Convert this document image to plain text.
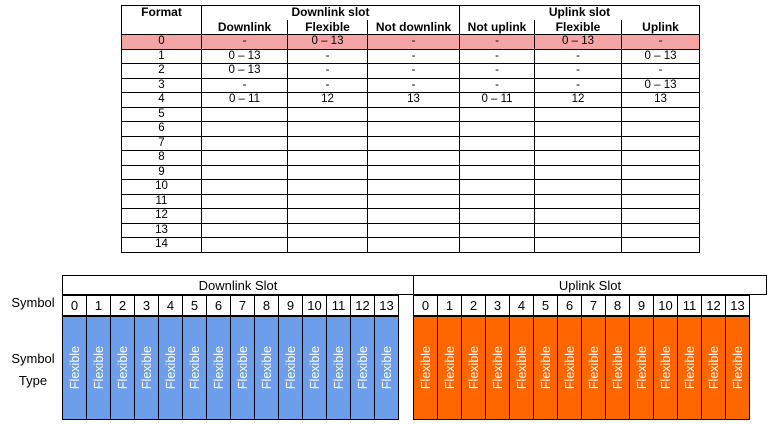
Format	Downlink slot			Uplink slot		
	Downlink	Flexible	Not downlink	Not uplink	Flexible	Uplink
0	-	0 – 13	-	-	0 – 13	-
1	0 – 13	-	-	-	-	0 – 13
2	0 – 13	-	-	-	-	-
3	-	-	-	-	-	0 – 13
4	0 – 11	12	13	0 – 11	12	13
5						
6						
7						
8						
9						
10						
11						
12						
13						
14						
Symbol
Symbol Type
Downlink Slot	Uplink Slot
0	1	2	3	4	5	6	7	8	9	10 11 12 13	0	1	2	3	4	5	6	7	8	9	10 11 12 13
Flexible Flexible Flexible Flexible Flexible Flexible Flexible Flexible Flexible Flexible Flexible Flexible Flexible Flexible Flexible Flexible Flexible Flexible Flexible Flexible Flexible Flexible Flexible Flexible Flexible Flexible Flexible Flexible
